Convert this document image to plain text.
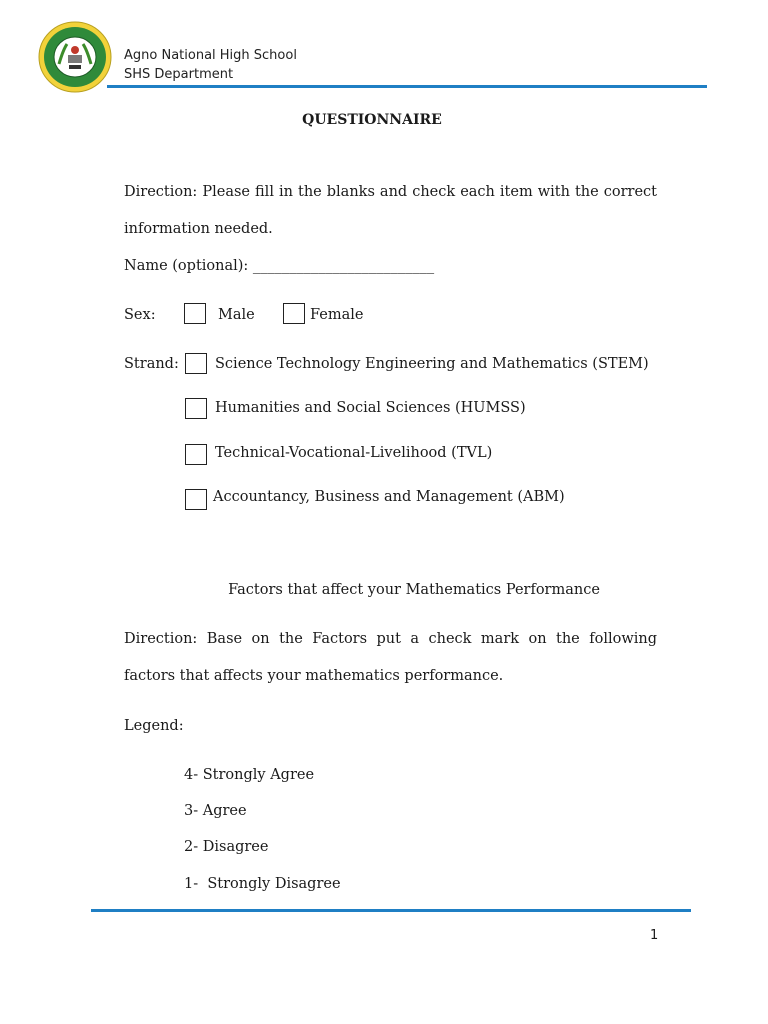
Agno National High School
SHS Department
QUESTIONNAIRE
Direction: Please fill in the blanks and check each item with the correct
information needed.
Name (optional): _________________________
Sex:	Male	Female
Strand: Science Technology Engineering and Mathematics (STEM)
Humanities and Social Sciences (HUMSS)
Technical-Vocational-Livelihood (TVL)
Accountancy, Business and Management (ABM)
Factors that affect your Mathematics Performance
Direction: Base on the Factors put a check mark on the following
factors that affects your mathematics performance.
Legend:
4- Strongly Agree
3- Agree
2- Disagree
1-  Strongly Disagree
1
